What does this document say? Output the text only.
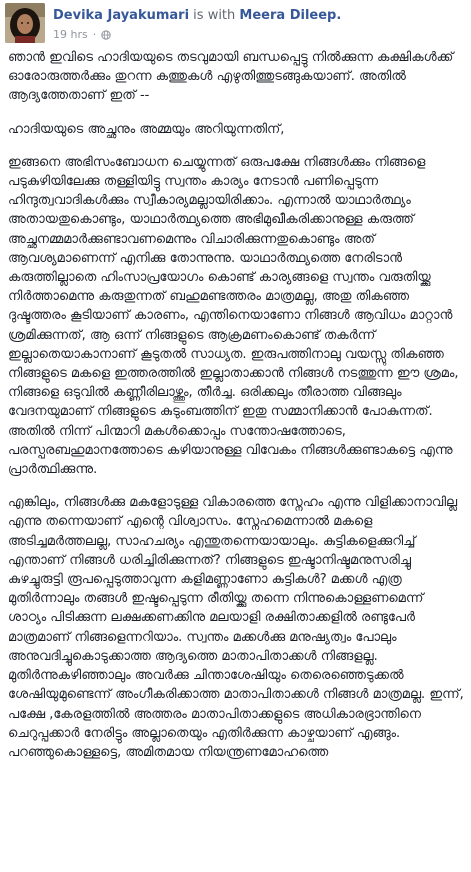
Devika Jayakumari is with Meera Dileep.
19 hrs ·

ഞാൻ ഇവിടെ ഹാദിയയുടെ തടവുമായി ബന്ധപ്പെട്ടു നിൽക്കുന്ന കക്ഷികൾക്ക് ഓരോരുത്തർക്കും തുറന്ന കത്തുകൾ എഴുതിത്തുടങ്ങുകയാണ്. അതിൽ ആദ്യത്തേതാണ് ഇത് --

ഹാദിയയുടെ അച്ഛനും അമ്മയും അറിയുന്നതിന്,

ഇങ്ങനെ അഭിസംബോധന ചെയ്യുന്നത് ഒരുപക്ഷേ നിങ്ങൾക്കും നിങ്ങളെ പടുകുഴിയിലേക്കു തള്ളിയിട്ടു സ്വന്തം കാര്യം നേടാൻ പണിപ്പെടുന്ന ഹിന്ദുത്വവാദികൾക്കും സ്വീകാര്യമല്ലായിരിക്കാം. എന്നാൽ യാഥാർത്ഥ്യം അതായതുകൊണ്ടും, യാഥാർത്ഥ്യത്തെ അഭിമുഖീകരിക്കാനുള്ള കരുത്ത് അച്ഛനമ്മമാർക്കുണ്ടാവണമെന്നും വിചാരിക്കുന്നതുകൊണ്ടും അത് ആവശ്യമാണെന്ന് എനിക്കു തോന്നുന്നു. യാഥാർത്ഥ്യത്തെ നേരിടാൻ കരുത്തില്ലാതെ ഹിംസാപ്രയോഗം കൊണ്ട് കാര്യങ്ങളെ സ്വന്തം വരുതിയ്ക്കു നിർത്താമെന്നു കരുതുന്നത് ബഹുമണ്ടത്തരം മാത്രമല്ല, അതു തികഞ്ഞ ദുഷ്ടത്തരം കൂടിയാണ് കാരണം, എന്തിനെയാണോ നിങ്ങൾ ആവിധം മാറ്റാൻ ശ്രമിക്കുന്നത്, ആ ഒന്ന് നിങ്ങളുടെ ആക്രമണംകൊണ്ട് തകർന്ന് ഇല്ലാതെയാകാനാണ് കൂടുതൽ സാധ്യത. ഇരുപത്തിനാലു വയസ്സു തികഞ്ഞ നിങ്ങളുടെ മകളെ ഇത്തരത്തിൽ ഇല്ലാതാക്കാൻ നിങ്ങൾ നടത്തുന്ന ഈ ശ്രമം, നിങ്ങളെ ഒടുവിൽ കണ്ണീരിലാഴ്ത്തും, തീർച്ച. ഒരിക്കലും തീരാത്ത വിങ്ങലും വേദനയുമാണ് നിങ്ങളുടെ കുടുംബത്തിന് ഇതു സമ്മാനിക്കാൻ പോകുന്നത്. അതിൽ നിന്ന് പിന്മാറി മകൾക്കൊപ്പം സന്തോഷത്തോടെ, പരസ്പരബഹുമാനത്തോടെ കഴിയാനുള്ള വിവേകം നിങ്ങൾക്കുണ്ടാകട്ടെ എന്നു പ്രാർത്ഥിക്കുന്നു.

എങ്കിലും, നിങ്ങൾക്കു മകളോടുള്ള വികാരത്തെ സ്നേഹം എന്നു വിളിക്കാനാവില്ല എന്നു തന്നെയാണ് എന്റെ വിശ്വാസം. സ്നേഹമെന്നാൽ മകളെ അടിച്ചമർത്തലല്ല, സാഹചര്യം എന്തുതന്നെയായാലും. കുട്ടികളെക്കുറിച്ച് എന്താണ് നിങ്ങൾ ധരിച്ചിരിക്കുന്നത്? നിങ്ങളുടെ ഇഷ്ടാനിഷ്ടമനുസരിച്ചു കുഴച്ചുരുട്ടി രൂപപ്പെടുത്താവുന്ന കളിമണ്ണാണോ കുട്ടികൾ? മക്കൾ എത്ര മുതിർന്നാലും തങ്ങൾ ഇഷ്ടപ്പെടുന്ന രീതിയ്ക്കു തന്നെ നിന്നുകൊള്ളണമെന്ന് ശാഠ്യം പിടിക്കുന്ന ലക്ഷക്കണക്കിനു മലയാളി രക്ഷിതാക്കളിൽ രണ്ടുപേർ മാത്രമാണ് നിങ്ങളെന്നറിയാം. സ്വന്തം മക്കൾക്കു മനുഷ്യത്വം പോലും അനുവദിച്ചുകൊടുക്കാത്ത ആദ്യത്തെ മാതാപിതാക്കൾ നിങ്ങളല്ല. മുതിർന്നുകഴിഞ്ഞാലും അവർക്കു ചിന്താശേഷിയും തെരെഞ്ഞെടുക്കൽ ശേഷിയുമുണ്ടെന്ന് അംഗീകരിക്കാത്ത മാതാപിതാക്കൾ നിങ്ങൾ മാത്രമല്ല. ഇന്ന്, പക്ഷേ ,കേരളത്തിൽ അത്തരം മാതാപിതാക്കളുടെ അധികാരഭ്രാന്തിനെ ചെറുപ്പക്കാർ നേരിട്ടും അല്ലാതെയും എതിർക്കുന്ന കാഴ്ചയാണ് എങ്ങും. പറഞ്ഞുകൊള്ളട്ടെ, അമിതമായ നിയന്ത്രണമോഹത്തെ
